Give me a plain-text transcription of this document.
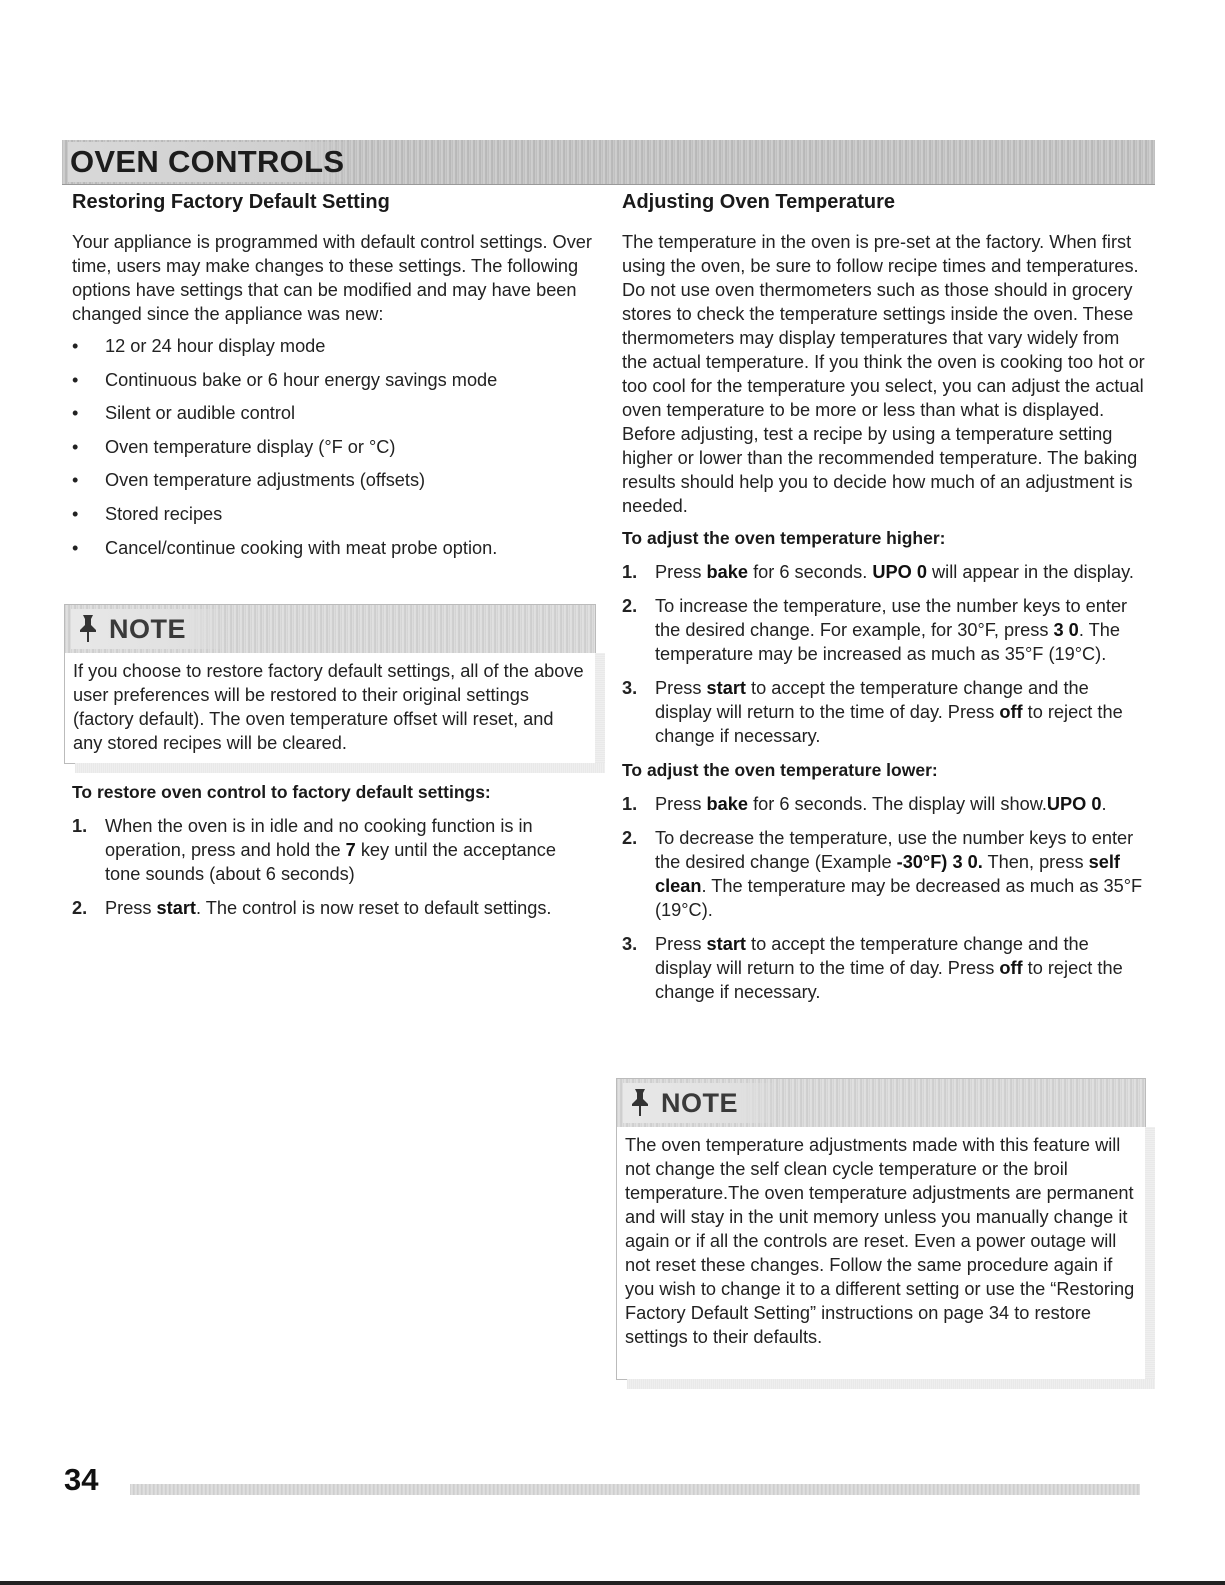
OVEN CONTROLS
Restoring Factory Default Setting

Your appliance is programmed with default control settings. Over time, users may make changes to these settings. The following options have settings that can be modified and may have been changed since the appliance was new:

• 12 or 24 hour display mode
• Continuous bake or 6 hour energy savings mode
• Silent or audible control
• Oven temperature display (°F or °C)
• Oven temperature adjustments (offsets)
• Stored recipes
• Cancel/continue cooking with meat probe option.
NOTE
If you choose to restore factory default settings, all of the above user preferences will be restored to their original settings (factory default). The oven temperature offset will reset, and any stored recipes will be cleared.
To restore oven control to factory default settings:
1. When the oven is in idle and no cooking function is in operation, press and hold the 7 key until the acceptance tone sounds (about 6 seconds)
2. Press start. The control is now reset to default settings.
Adjusting Oven Temperature

The temperature in the oven is pre-set at the factory. When first using the oven, be sure to follow recipe times and temperatures. Do not use oven thermometers such as those should in grocery stores to check the temperature settings inside the oven. These thermometers may display temperatures that vary widely from the actual temperature. If you think the oven is cooking too hot or too cool for the temperature you select, you can adjust the actual oven temperature to be more or less than what is displayed. Before adjusting, test a recipe by using a temperature setting higher or lower than the recommended temperature. The baking results should help you to decide how much of an adjustment is needed.

To adjust the oven temperature higher:
1. Press bake for 6 seconds. UPO 0 will appear in the display.
2. To increase the temperature, use the number keys to enter the desired change. For example, for 30°F, press 3 0. The temperature may be increased as much as 35°F (19°C).
3. Press start to accept the temperature change and the display will return to the time of day. Press off to reject the change if necessary.
To adjust the oven temperature lower:
1. Press bake for 6 seconds. The display will show.UPO 0.
2. To decrease the temperature, use the number keys to enter the desired change (Example -30°F) 3 0. Then, press self clean. The temperature may be decreased as much as 35°F (19°C).
3. Press start to accept the temperature change and the display will return to the time of day. Press off to reject the change if necessary.
NOTE
The oven temperature adjustments made with this feature will not change the self clean cycle temperature or the broil temperature.The oven temperature adjustments are permanent and will stay in the unit memory unless you manually change it again or if all the controls are reset. Even a power outage will not reset these changes. Follow the same procedure again if you wish to change it to a different setting or use the “Restoring Factory Default Setting” instructions on page 34 to restore settings to their defaults.
34
